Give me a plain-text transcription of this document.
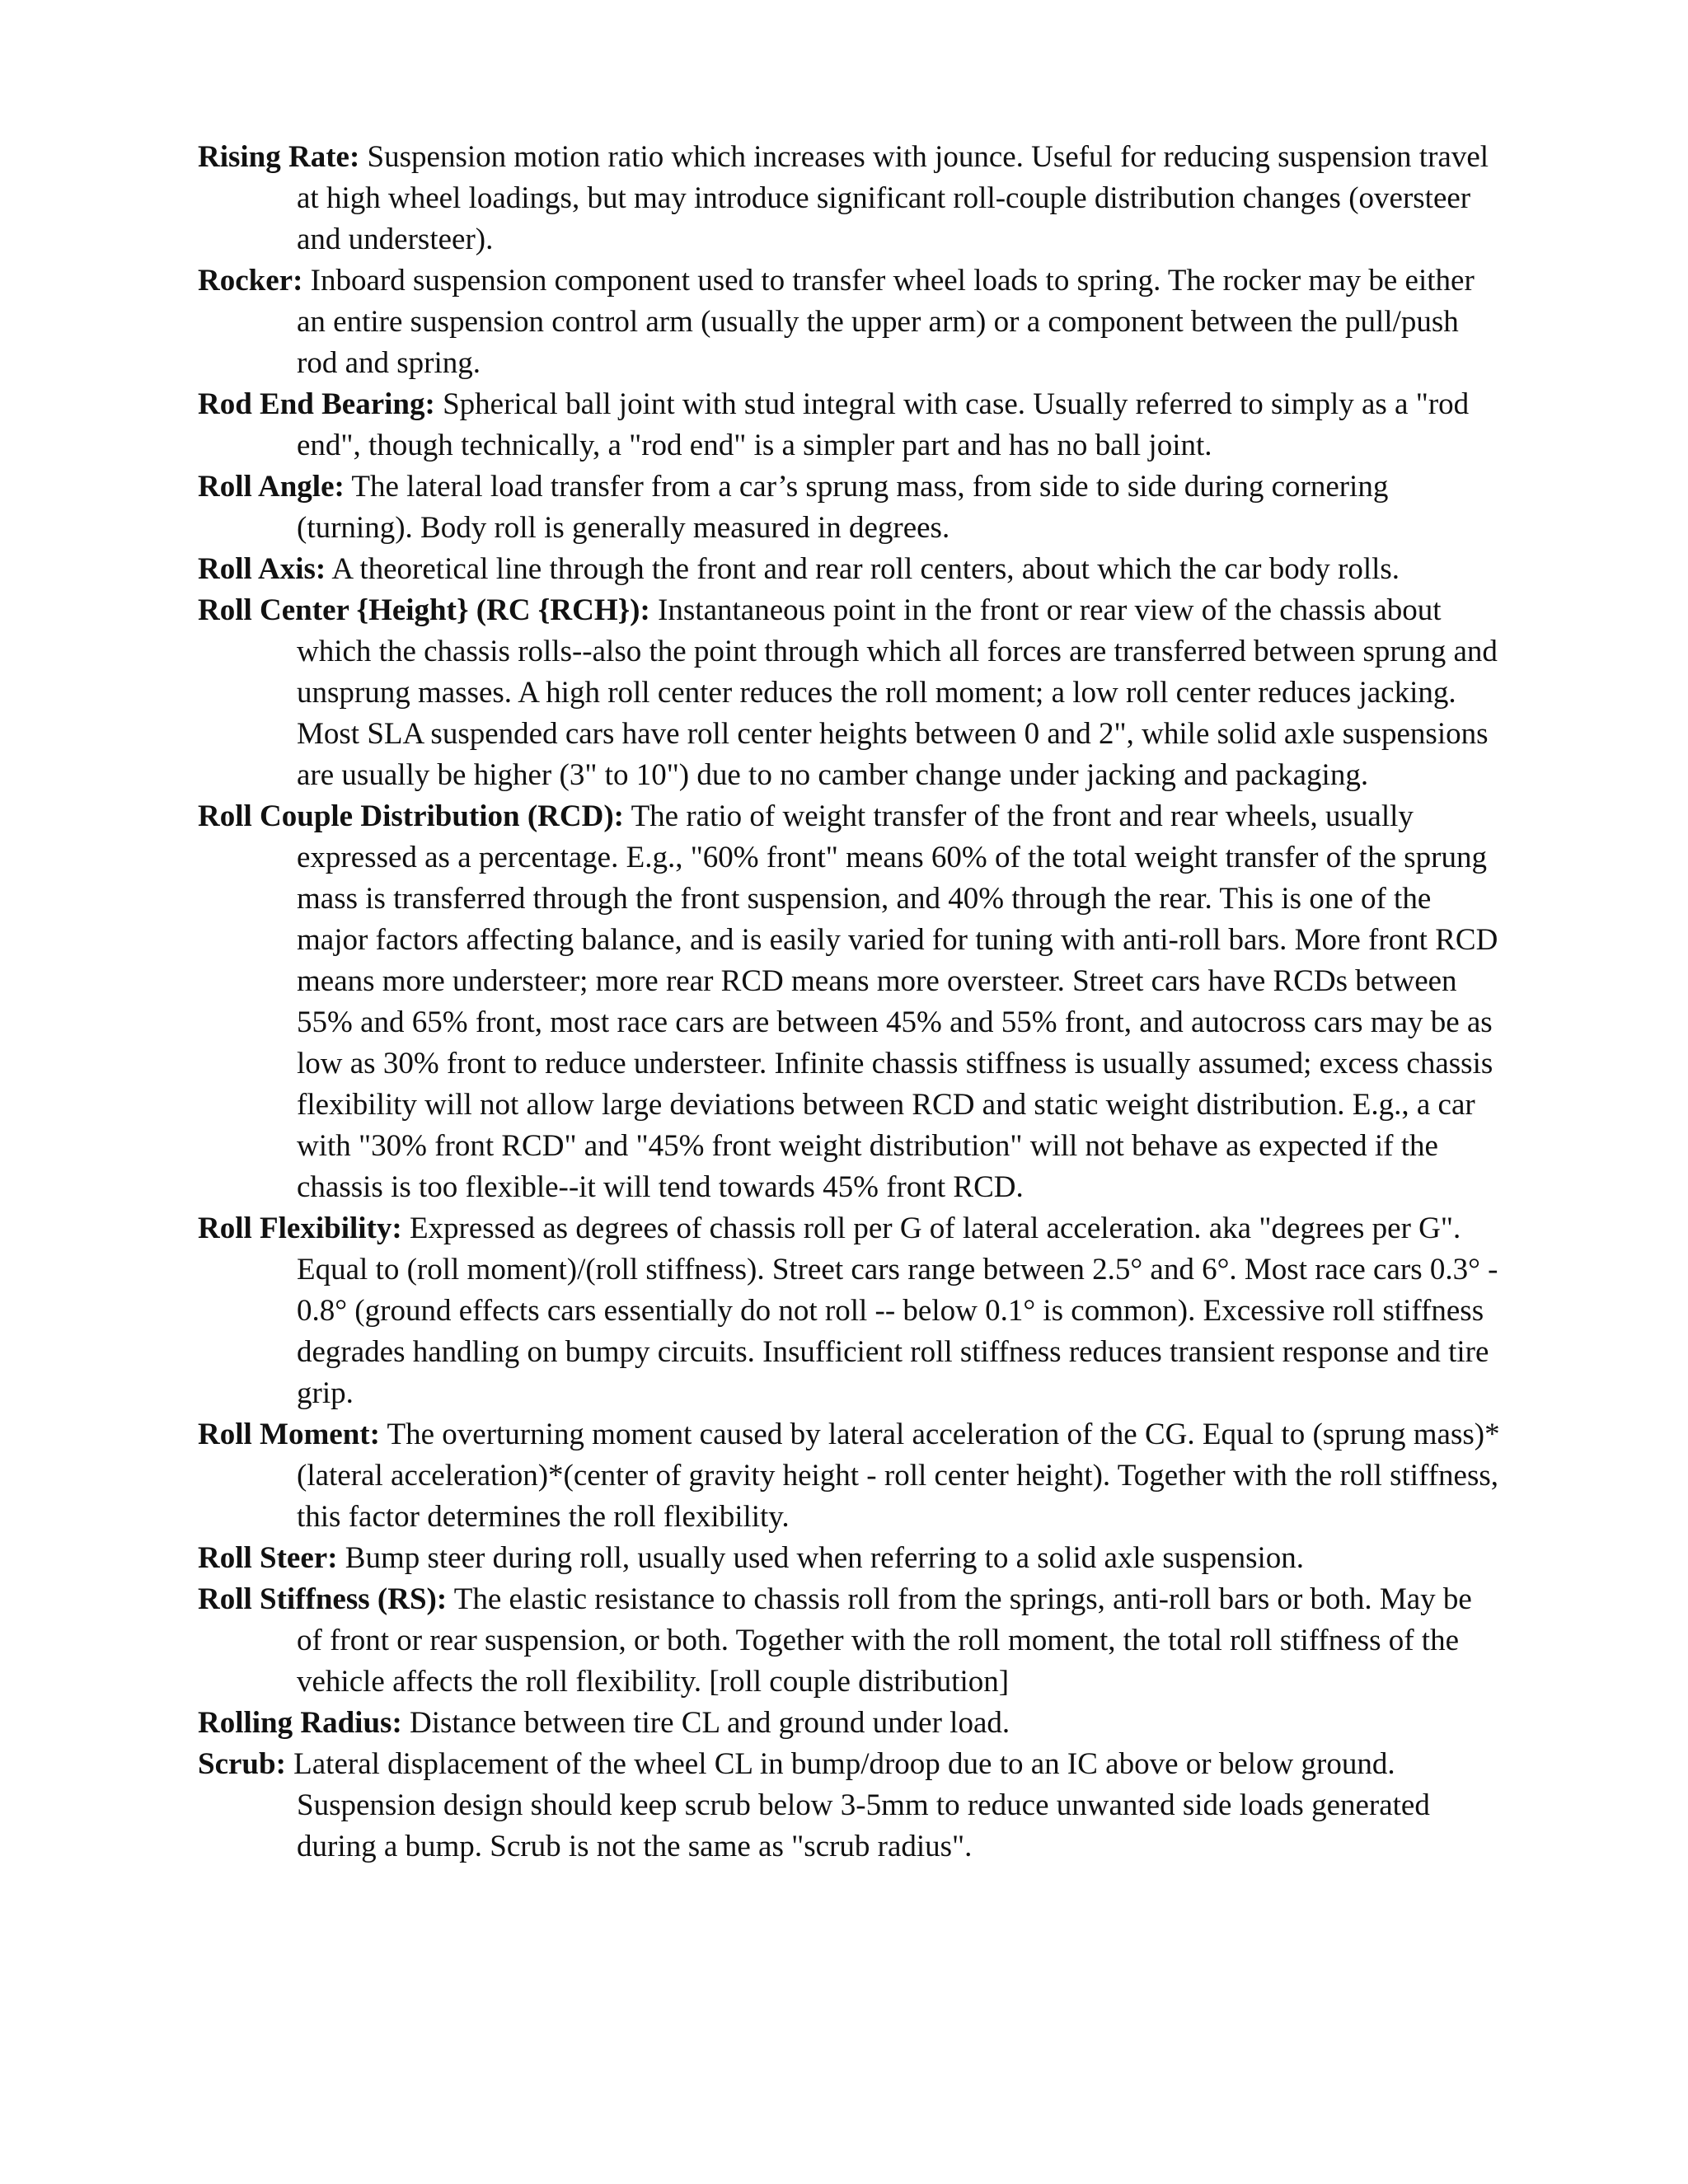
Rising Rate: Suspension motion ratio which increases with jounce. Useful for reducing suspension travel at high wheel loadings, but may introduce significant roll-couple distribution changes (oversteer and understeer).

Rocker: Inboard suspension component used to transfer wheel loads to spring. The rocker may be either an entire suspension control arm (usually the upper arm) or a component between the pull/push rod and spring.

Rod End Bearing: Spherical ball joint with stud integral with case. Usually referred to simply as a "rod end", though technically, a "rod end" is a simpler part and has no ball joint.

Roll Angle: The lateral load transfer from a car’s sprung mass, from side to side during cornering (turning). Body roll is generally measured in degrees.

Roll Axis: A theoretical line through the front and rear roll centers, about which the car body rolls.

Roll Center {Height} (RC {RCH}): Instantaneous point in the front or rear view of the chassis about which the chassis rolls--also the point through which all forces are transferred between sprung and unsprung masses. A high roll center reduces the roll moment; a low roll center reduces jacking. Most SLA suspended cars have roll center heights between 0 and 2", while solid axle suspensions are usually be higher (3" to 10") due to no camber change under jacking and packaging.

Roll Couple Distribution (RCD): The ratio of weight transfer of the front and rear wheels, usually expressed as a percentage. E.g., "60% front" means 60% of the total weight transfer of the sprung mass is transferred through the front suspension, and 40% through the rear. This is one of the major factors affecting balance, and is easily varied for tuning with anti-roll bars. More front RCD means more understeer; more rear RCD means more oversteer. Street cars have RCDs between 55% and 65% front, most race cars are between 45% and 55% front, and autocross cars may be as low as 30% front to reduce understeer. Infinite chassis stiffness is usually assumed; excess chassis flexibility will not allow large deviations between RCD and static weight distribution. E.g., a car with "30% front RCD" and "45% front weight distribution" will not behave as expected if the chassis is too flexible--it will tend towards 45% front RCD.

Roll Flexibility: Expressed as degrees of chassis roll per G of lateral acceleration. aka "degrees per G". Equal to (roll moment)/(roll stiffness). Street cars range between 2.5° and 6°. Most race cars 0.3° - 0.8° (ground effects cars essentially do not roll -- below 0.1° is common). Excessive roll stiffness degrades handling on bumpy circuits. Insufficient roll stiffness reduces transient response and tire grip.

Roll Moment: The overturning moment caused by lateral acceleration of the CG. Equal to (sprung mass)*(lateral acceleration)*(center of gravity height - roll center height). Together with the roll stiffness, this factor determines the roll flexibility.

Roll Steer: Bump steer during roll, usually used when referring to a solid axle suspension.

Roll Stiffness (RS): The elastic resistance to chassis roll from the springs, anti-roll bars or both. May be of front or rear suspension, or both. Together with the roll moment, the total roll stiffness of the vehicle affects the roll flexibility. [roll couple distribution]

Rolling Radius: Distance between tire CL and ground under load.

Scrub: Lateral displacement of the wheel CL in bump/droop due to an IC above or below ground. Suspension design should keep scrub below 3-5mm to reduce unwanted side loads generated during a bump. Scrub is not the same as "scrub radius".
